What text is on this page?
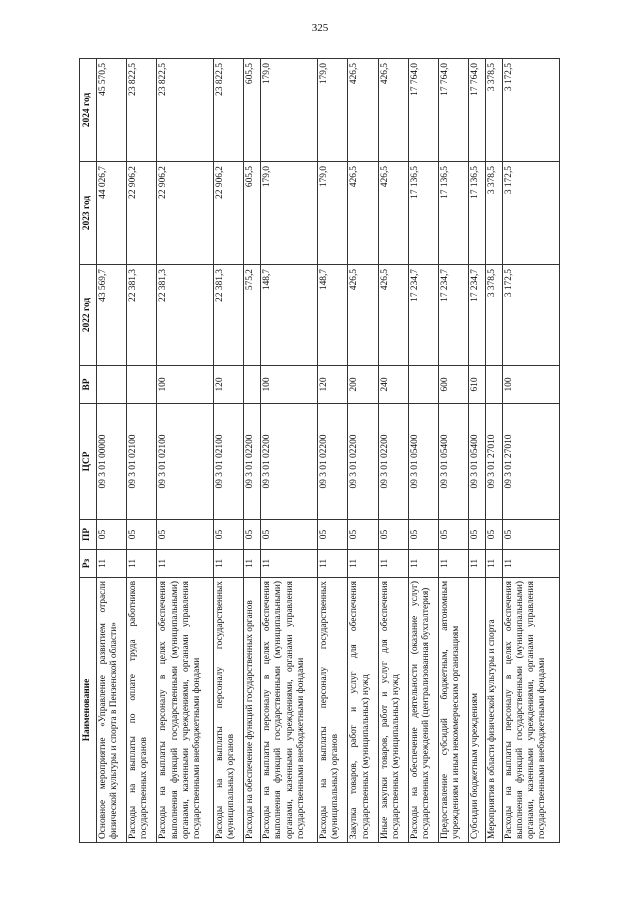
325
Наименование	Рз	ПР	ЦСР	ВР	2022 год	2023 год	2024 год
Основное мероприятие «Управление развитием отрасли физической культуры и спорта в Пензенской области»	11	05	09 3 01 00000		43 569,7	44 026,7	45 570,5
Расходы на выплаты по оплате труда работников государственных органов	11	05	09 3 01 02100		22 381,3	22 906,2	23 822,5
Расходы на выплаты персоналу в целях обеспечения выполнения функций государственными (муниципальными) органами, казенными учреждениями, органами управления государственными внебюджетными фондами	11	05	09 3 01 02100	100	22 381,3	22 906,2	23 822,5
Расходы на выплаты персоналу государственных (муниципальных) органов	11	05	09 3 01 02100	120	22 381,3	22 906,2	23 822,5
Расходы на обеспечение функций государственных органов	11	05	09 3 01 02200		575,2	605,5	605,5
Расходы на выплаты персоналу в целях обеспечения выполнения функций государственными (муниципальными) органами, казенными учреждениями, органами управления государственными внебюджетными фондами	11	05	09 3 01 02200	100	148,7	179,0	179,0
Расходы на выплаты персоналу государственных (муниципальных) органов	11	05	09 3 01 02200	120	148,7	179,0	179,0
Закупка товаров, работ и услуг для обеспечения государственных (муниципальных) нужд	11	05	09 3 01 02200	200	426,5	426,5	426,5
Иные закупки товаров, работ и услуг для обеспечения государственных (муниципальных) нужд	11	05	09 3 01 02200	240	426,5	426,5	426,5
Расходы на обеспечение деятельности (оказание услуг) государственных учреждений (централизованная бухгалтерия)	11	05	09 3 01 05400		17 234,7	17 136,5	17 764,0
Предоставление субсидий бюджетным, автономным учреждениям и иным некоммерческим организациям	11	05	09 3 01 05400	600	17 234,7	17 136,5	17 764,0
Субсидии бюджетным учреждениям	11	05	09 3 01 05400	610	17 234,7	17 136,5	17 764,0
Мероприятия в области физической культуры и спорта	11	05	09 3 01 27010		3 378,5	3 378,5	3 378,5
Расходы на выплаты персоналу в целях обеспечения выполнения функций государственными (муниципальными) органами, казенными учреждениями, органами управления государственными внебюджетными фондами	11	05	09 3 01 27010	100	3 172,5	3 172,5	3 172,5
